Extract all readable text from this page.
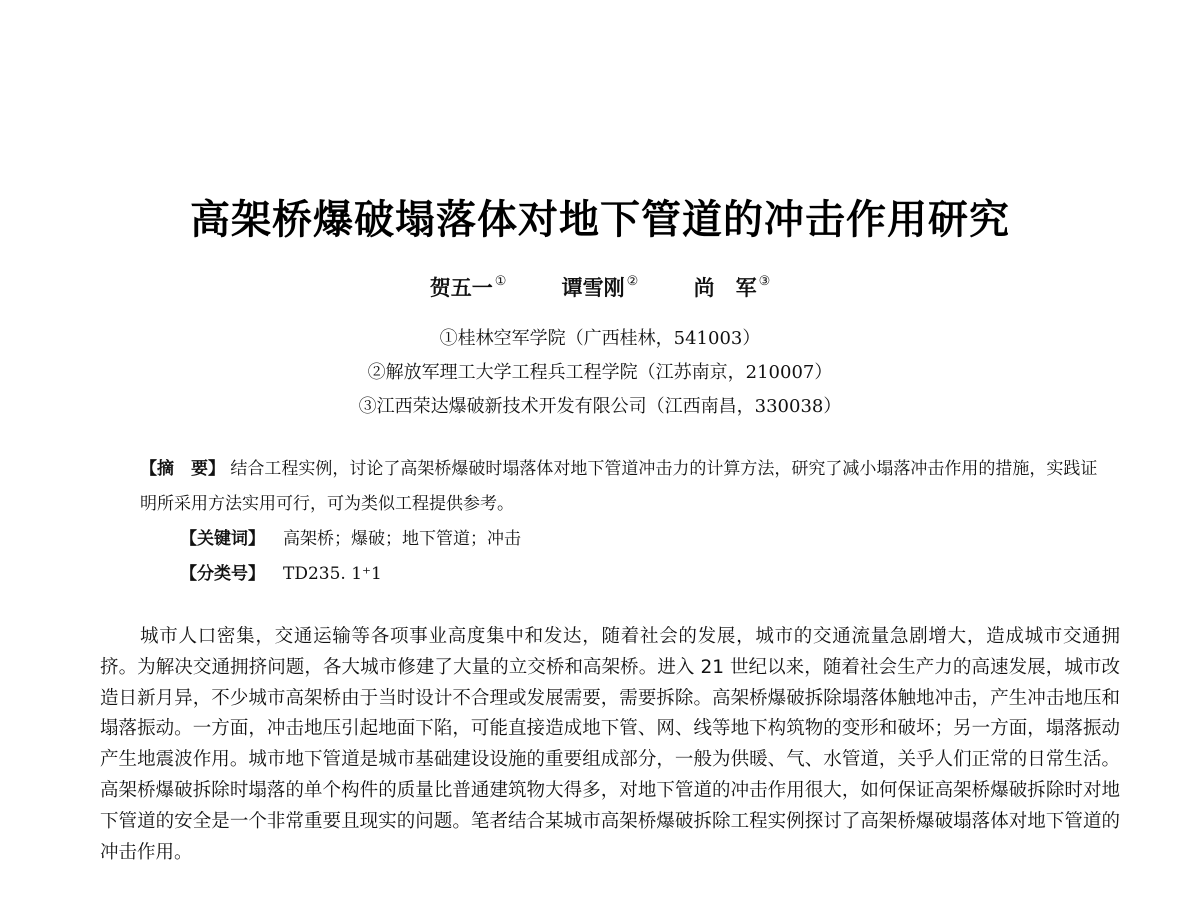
高架桥爆破塌落体对地下管道的冲击作用研究
贺五一 ①	谭雪刚 ②	尚　军 ③
①桂林空军学院（广西桂林，541003）
②解放军理工大学工程兵工程学院（江苏南京，210007）
③江西荣达爆破新技术开发有限公司（江西南昌，330038）
【摘　要】 结合工程实例，讨论了高架桥爆破时塌落体对地下管道冲击力的计算方法，研究了减小塌落冲击作用的措施，实践证明所采用方法实用可行，可为类似工程提供参考。
【关键词】 高架桥；爆破；地下管道；冲击
【分类号】 TD235. 1⁺1
城市人口密集，交通运输等各项事业高度集中和发达，随着社会的发展，城市的交通流量急剧增大，造成城市交通拥挤。为解决交通拥挤问题，各大城市修建了大量的立交桥和高架桥。进入 21 世纪以来，随着社会生产力的高速发展，城市改造日新月异，不少城市高架桥由于当时设计不合理或发展需要，需要拆除。高架桥爆破拆除塌落体触地冲击，产生冲击地压和塌落振动。一方面，冲击地压引起地面下陷，可能直接造成地下管、网、线等地下构筑物的变形和破坏；另一方面，塌落振动产生地震波作用。城市地下管道是城市基础建设设施的重要组成部分，一般为供暖、气、水管道，关乎人们正常的日常生活。高架桥爆破拆除时塌落的单个构件的质量比普通建筑物大得多，对地下管道的冲击作用很大，如何保证高架桥爆破拆除时对地下管道的安全是一个非常重要且现实的问题。笔者结合某城市高架桥爆破拆除工程实例探讨了高架桥爆破塌落体对地下管道的冲击作用。
